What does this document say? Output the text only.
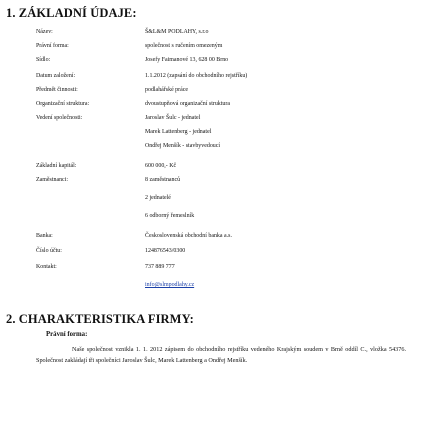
1. ZÁKLADNÍ ÚDAJE:
Název:	Š&L&M PODLAHY, s.r.o
Právní forma:	společnost s ručením omezeným
Sídlo:	Josefy Faimanové 13, 628 00 Brno
Datum založení:	1.1.2012 (zapsání do obchodního rejstříku)
Předmět činnosti:	podlahářské práce
Organizační struktura:	dvoustupňová organizační struktura
Vedení společnosti:	Jaroslav Šulc - jednatel
Marek Lattenberg - jednatel
Ondřej Menšík - stavbyvedoucí
Základní kapitál:	600 000,- Kč
Zaměstnanci:	8 zaměstnanců
2 jednatelé
6 odborný řemeslník
Banka:	Československá obchodní banka a.s.
Číslo účtu:	124876543/0300
Kontakt:	737 889 777
info@slmpodlahy.cz
2. CHARAKTERISTIKA FIRMY:
Právní forma:
Naše společnost vznikla 1. 1. 2012 zápisem do obchodního rejstříku vedeného Krajským soudem v Brně oddíl C., vložka 54376. Společnost zakládají tři společníci Jaroslav Šulc, Marek Lattenberg a Ondřej Menšík.
